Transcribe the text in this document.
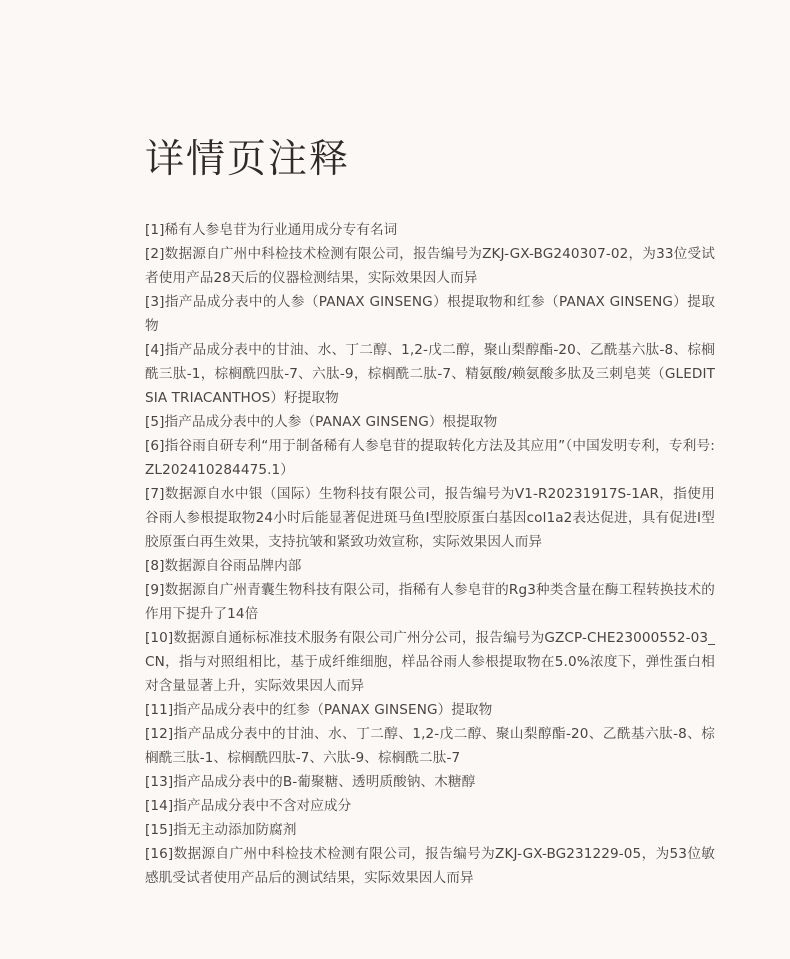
详情页注释
[1]稀有人参皂苷为行业通用成分专有名词
[2]数据源自广州中科检技术检测有限公司，报告编号为ZKJ-GX-BG240307-02，为33位受试者使用产品28天后的仪器检测结果，实际效果因人而异
[3]指产品成分表中的人参（PANAX GINSENG）根提取物和红参（PANAX GINSENG）提取物
[4]指产品成分表中的甘油、水、丁二醇、1,2-戊二醇，聚山梨醇酯-20、乙酰基六肽-8、棕榈酰三肽-1，棕榈酰四肽-7、六肽-9，棕榈酰二肽-7、精氨酸/赖氨酸多肽及三刺皂荚（GLEDITSIA TRIACANTHOS）籽提取物
[5]指产品成分表中的人参（PANAX GINSENG）根提取物
[6]指谷雨自研专利“用于制备稀有人参皂苷的提取转化方法及其应用”（中国发明专利，专利号: ZL202410284475.1）
[7]数据源自水中银（国际）生物科技有限公司，报告编号为V1-R20231917S-1AR，指使用谷雨人参根提取物24小时后能显著促进斑马鱼Ⅰ型胶原蛋白基因col1a2表达促进，具有促进Ⅰ型胶原蛋白再生效果，支持抗皱和紧致功效宣称，实际效果因人而异
[8]数据源自谷雨品牌内部
[9]数据源自广州青囊生物科技有限公司，指稀有人参皂苷的Rg3种类含量在酶工程转换技术的作用下提升了14倍
[10]数据源自通标标准技术服务有限公司广州分公司，报告编号为GZCP-CHE23000552-03_CN，指与对照组相比，基于成纤维细胞，样品谷雨人参根提取物在5.0%浓度下，弹性蛋白相对含量显著上升，实际效果因人而异
[11]指产品成分表中的红参（PANAX GINSENG）提取物
[12]指产品成分表中的甘油、水、丁二醇、1,2-戊二醇、聚山梨醇酯-20、乙酰基六肽-8、棕榈酰三肽-1、棕榈酰四肽-7、六肽-9、棕榈酰二肽-7
[13]指产品成分表中的Β-葡聚糖、透明质酸钠、木糖醇
[14]指产品成分表中不含对应成分
[15]指无主动添加防腐剂
[16]数据源自广州中科检技术检测有限公司，报告编号为ZKJ-GX-BG231229-05，为53位敏感肌受试者使用产品后的测试结果，实际效果因人而异
